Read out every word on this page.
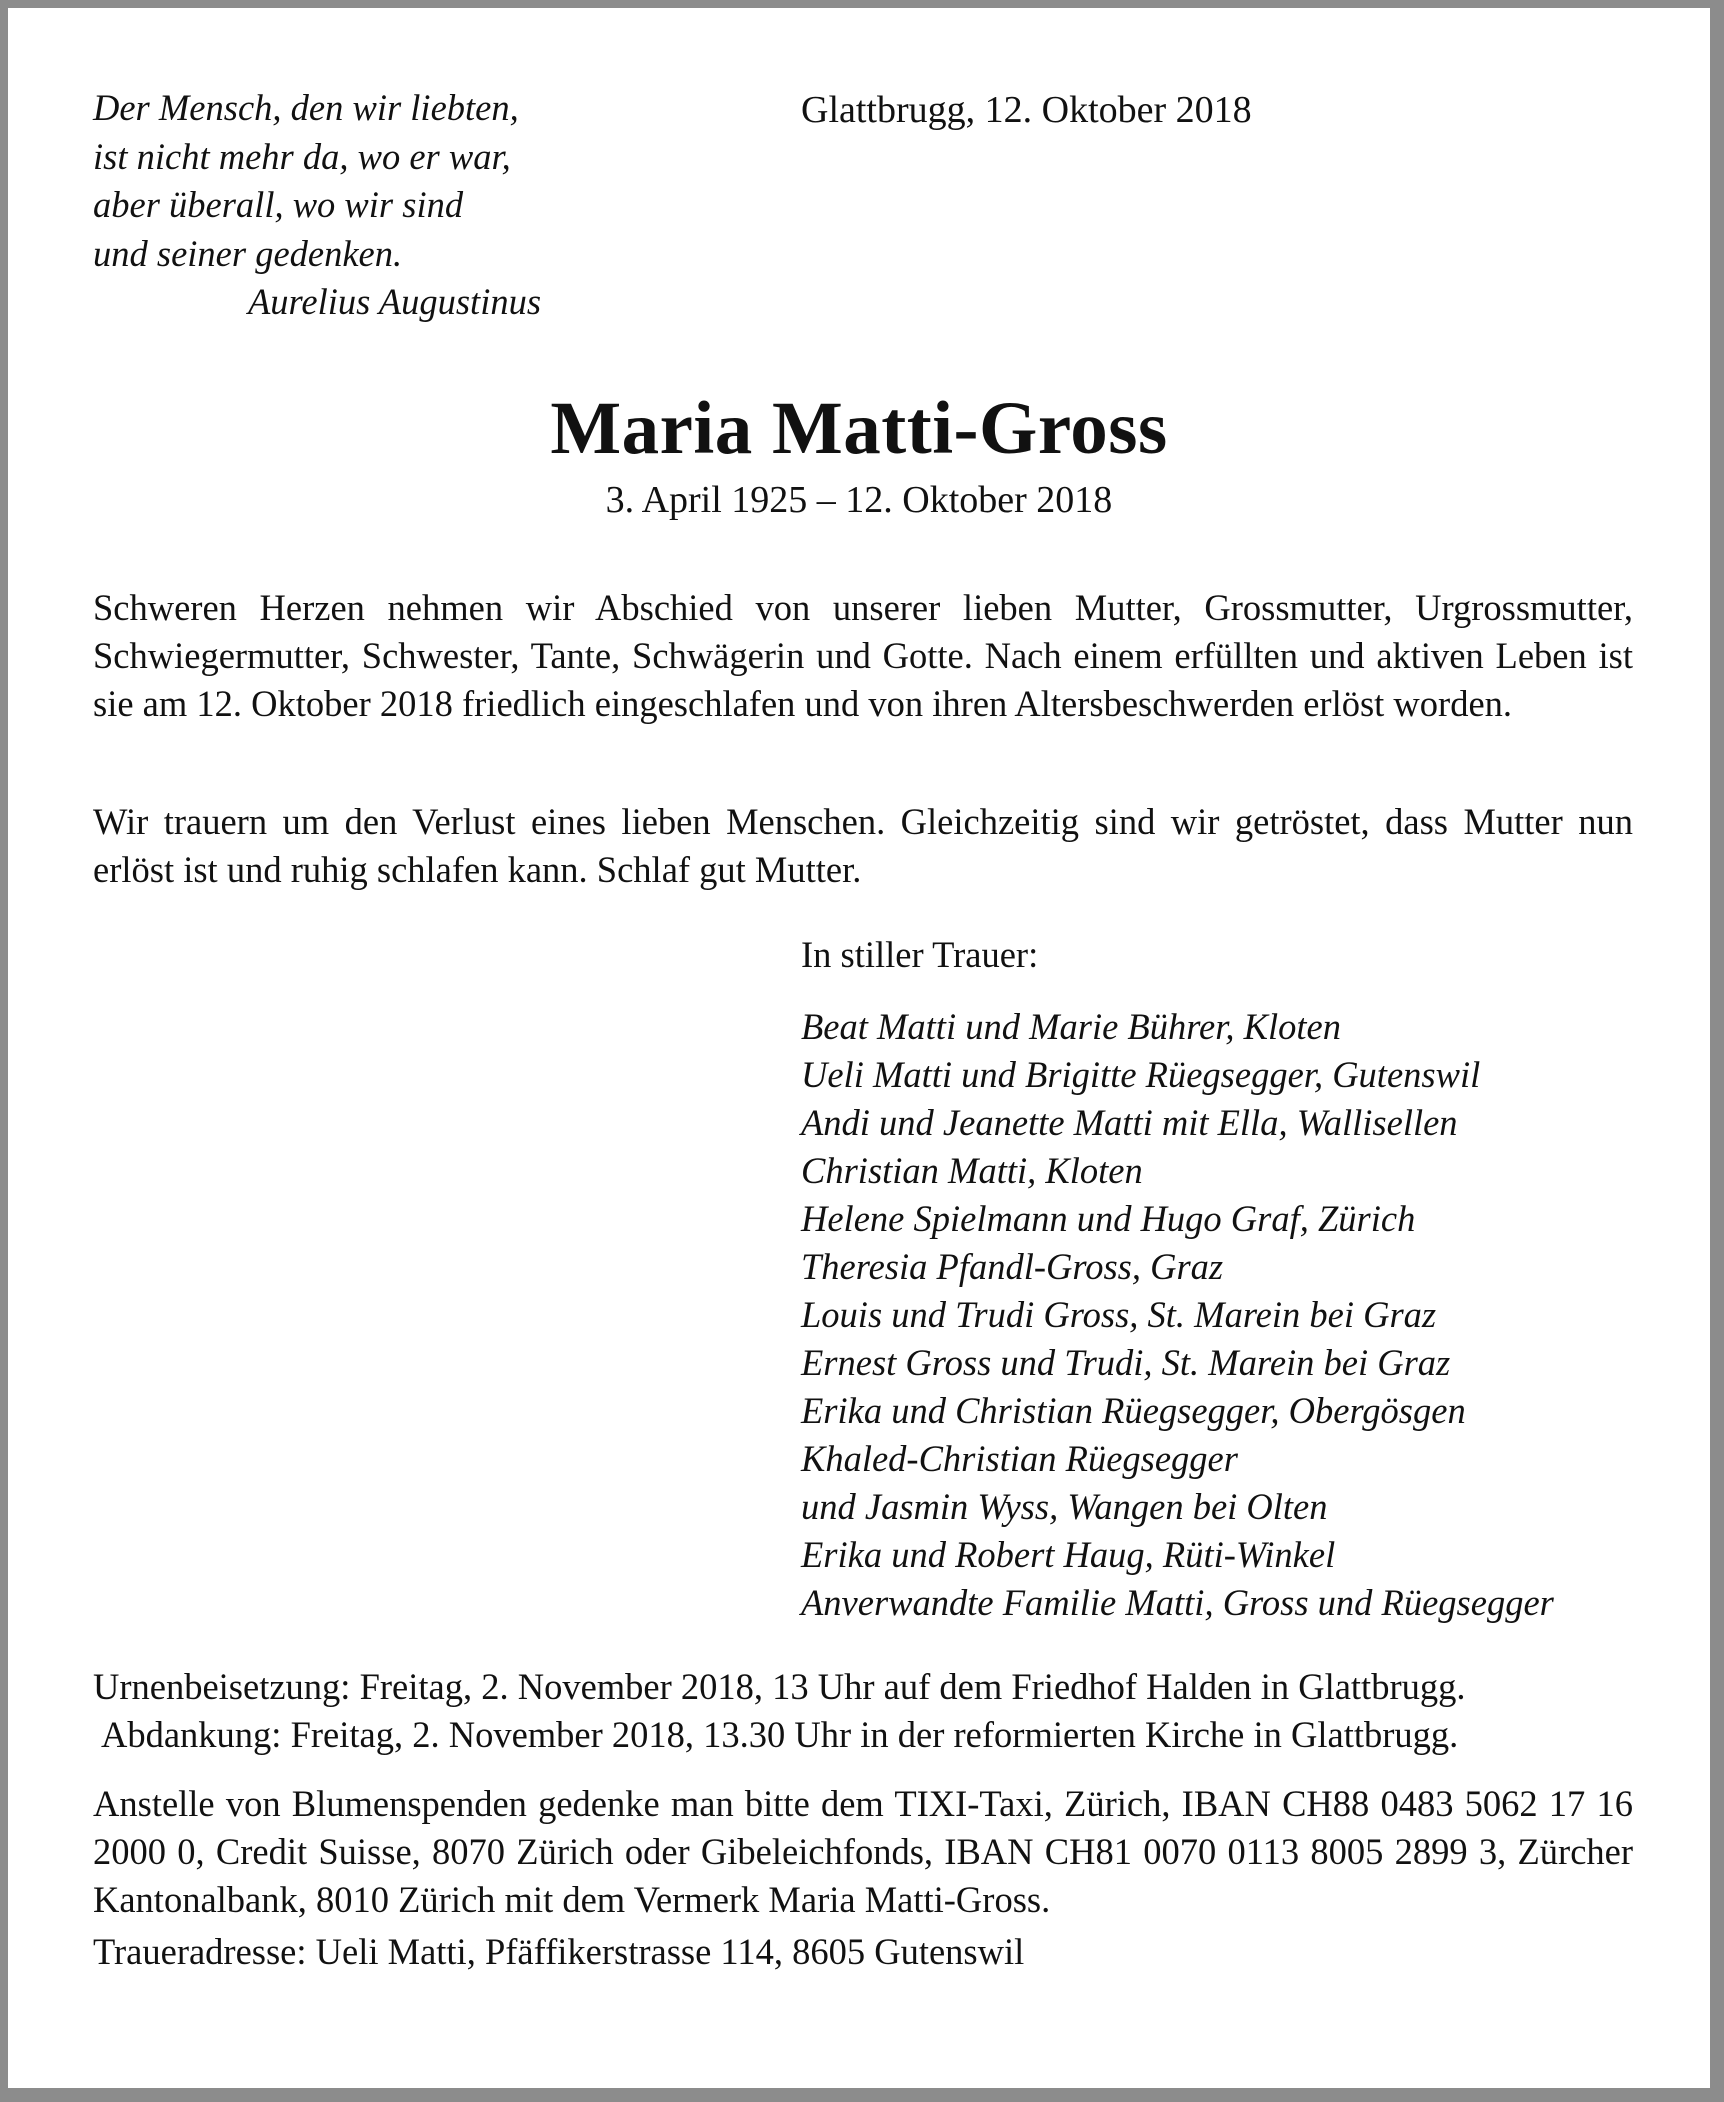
Der Mensch, den wir liebten,
ist nicht mehr da, wo er war,
aber überall, wo wir sind
und seiner gedenken.
Aurelius Augustinus
Glattbrugg, 12. Oktober 2018
Maria Matti-Gross
3. April 1925 – 12. Oktober 2018
Schweren Herzen nehmen wir Abschied von unserer lieben Mutter, Grossmutter, Urgrossmutter, Schwiegermutter, Schwester, Tante, Schwägerin und Gotte. Nach einem erfüllten und aktiven Leben ist sie am 12. Oktober 2018 friedlich eingeschlafen und von ihren Altersbeschwerden erlöst worden.
Wir trauern um den Verlust eines lieben Menschen. Gleichzeitig sind wir getröstet, dass Mutter nun erlöst ist und ruhig schlafen kann. Schlaf gut Mutter.
In stiller Trauer:
Beat Matti und Marie Bührer, Kloten
Ueli Matti und Brigitte Rüegsegger, Gutenswil
Andi und Jeanette Matti mit Ella, Wallisellen
Christian Matti, Kloten
Helene Spielmann und Hugo Graf, Zürich
Theresia Pfandl-Gross, Graz
Louis und Trudi Gross, St. Marein bei Graz
Ernest Gross und Trudi, St. Marein bei Graz
Erika und Christian Rüegsegger, Obergösgen
Khaled-Christian Rüegsegger
und Jasmin Wyss, Wangen bei Olten
Erika und Robert Haug, Rüti-Winkel
Anverwandte Familie Matti, Gross und Rüegsegger
Urnenbeisetzung: Freitag, 2. November 2018, 13 Uhr auf dem Friedhof Halden in Glattbrugg.
Abdankung: Freitag, 2. November 2018, 13.30 Uhr in der reformierten Kirche in Glattbrugg.
Anstelle von Blumenspenden gedenke man bitte dem TIXI-Taxi, Zürich, IBAN CH88 0483 5062 17 16 2000 0, Credit Suisse, 8070 Zürich oder Gibeleichfonds, IBAN CH81 0070 0113 8005 2899 3, Zürcher Kantonalbank, 8010 Zürich mit dem Vermerk Maria Matti-Gross.
Traueradresse: Ueli Matti, Pfäffikerstrasse 114, 8605 Gutenswil
